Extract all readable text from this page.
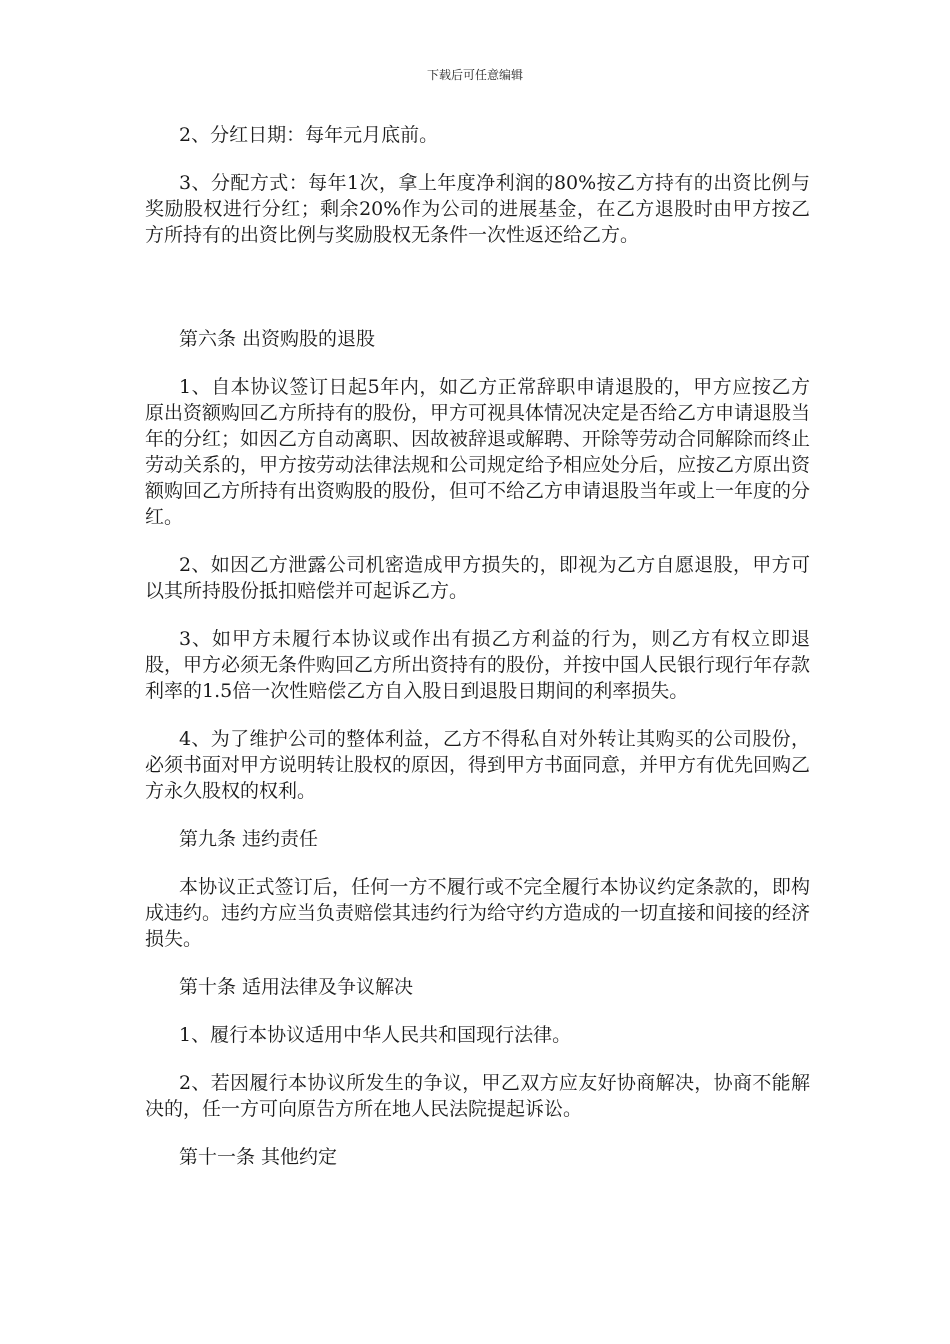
下载后可任意编辑

2、分红日期：每年元月底前。

3、分配方式：每年1次，拿上年度净利润的80%按乙方持有的出资比例与奖励股权进行分红；剩余20%作为公司的进展基金，在乙方退股时由甲方按乙方所持有的出资比例与奖励股权无条件一次性返还给乙方。

第六条 出资购股的退股

1、自本协议签订日起5年内，如乙方正常辞职申请退股的，甲方应按乙方原出资额购回乙方所持有的股份，甲方可视具体情况决定是否给乙方申请退股当年的分红；如因乙方自动离职、因故被辞退或解聘、开除等劳动合同解除而终止劳动关系的，甲方按劳动法律法规和公司规定给予相应处分后，应按乙方原出资额购回乙方所持有出资购股的股份，但可不给乙方申请退股当年或上一年度的分红。

2、如因乙方泄露公司机密造成甲方损失的，即视为乙方自愿退股，甲方可以其所持股份抵扣赔偿并可起诉乙方。

3、如甲方未履行本协议或作出有损乙方利益的行为，则乙方有权立即退股，甲方必须无条件购回乙方所出资持有的股份，并按中国人民银行现行年存款利率的1.5倍一次性赔偿乙方自入股日到退股日期间的利率损失。

4、为了维护公司的整体利益，乙方不得私自对外转让其购买的公司股份，必须书面对甲方说明转让股权的原因，得到甲方书面同意，并甲方有优先回购乙方永久股权的权利。

第九条 违约责任

本协议正式签订后，任何一方不履行或不完全履行本协议约定条款的，即构成违约。违约方应当负责赔偿其违约行为给守约方造成的一切直接和间接的经济损失。

第十条 适用法律及争议解决

1、履行本协议适用中华人民共和国现行法律。

2、若因履行本协议所发生的争议，甲乙双方应友好协商解决，协商不能解决的，任一方可向原告方所在地人民法院提起诉讼。

第十一条 其他约定
